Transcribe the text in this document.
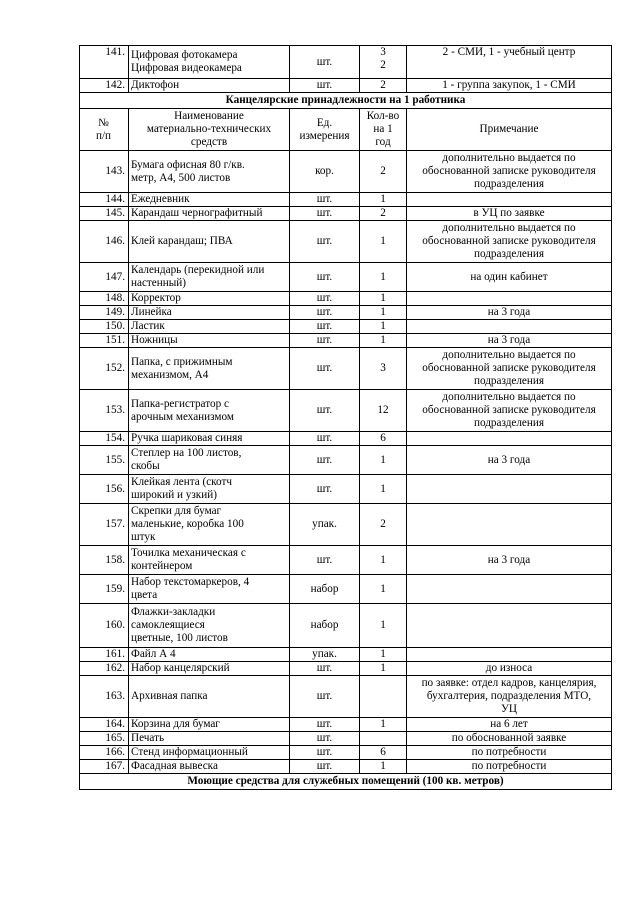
141.	Цифровая фотокамера
Цифровая видеокамера	шт.	3
2	2 - СМИ, 1 - учебный центр
142.	Диктофон	шт.	2	1 - группа закупок, 1 - СМИ
Канцелярские принадлежности на 1 работника				
№
п/п	Наименование
материально-технических
средств	Ед.
измерения	Кол-во
на 1
год	Примечание
143.	Бумага офисная 80 г/кв.
метр, А4, 500 листов	кор.	2	дополнительно выдается по
обоснованной записке руководителя
подразделения
144.	Ежедневник	шт.	1	
145.	Карандаш чернографитный	шт.	2	в УЦ по заявке
146.	Клей карандаш; ПВА	шт.	1	дополнительно выдается по
обоснованной записке руководителя
подразделения
147.	Календарь (перекидной или
настенный)	шт.	1	на один кабинет
148.	Корректор	шт.	1	
149.	Линейка	шт.	1	на 3 года
150.	Ластик	шт.	1	
151.	Ножницы	шт.	1	на 3 года
152.	Папка, с прижимным
механизмом, А4	шт.	3	дополнительно выдается по
обоснованной записке руководителя
подразделения
153.	Папка-регистратор с
арочным механизмом	шт.	12	дополнительно выдается по
обоснованной записке руководителя
подразделения
154.	Ручка шариковая синяя	шт.	6	
155.	Степлер на 100 листов,
скобы	шт.	1	на 3 года
156.	Клейкая лента (скотч
широкий и узкий)	шт.	1	
157.	Скрепки для бумаг
маленькие, коробка 100
штук	упак.	2	
158.	Точилка механическая с
контейнером	шт.	1	на 3 года
159.	Набор текстомаркеров, 4
цвета	набор	1	
160.	Флажки-закладки
самоклеящиеся
цветные, 100 листов	набор	1	
161.	Файл А 4	упак.	1	
162.	Набор канцелярский	шт.	1	до износа
163.	Архивная папка	шт.		по заявке: отдел кадров, канцелярия,
бухгалтерия, подразделения МТО,
УЦ
164.	Корзина для бумаг	шт.	1	на 6 лет
165.	Печать	шт.		по обоснованной заявке
166.	Стенд информационный	шт.	6	по потребности
167.	Фасадная вывеска	шт.	1	по потребности
Моющие средства для служебных помещений (100 кв. метров)				
